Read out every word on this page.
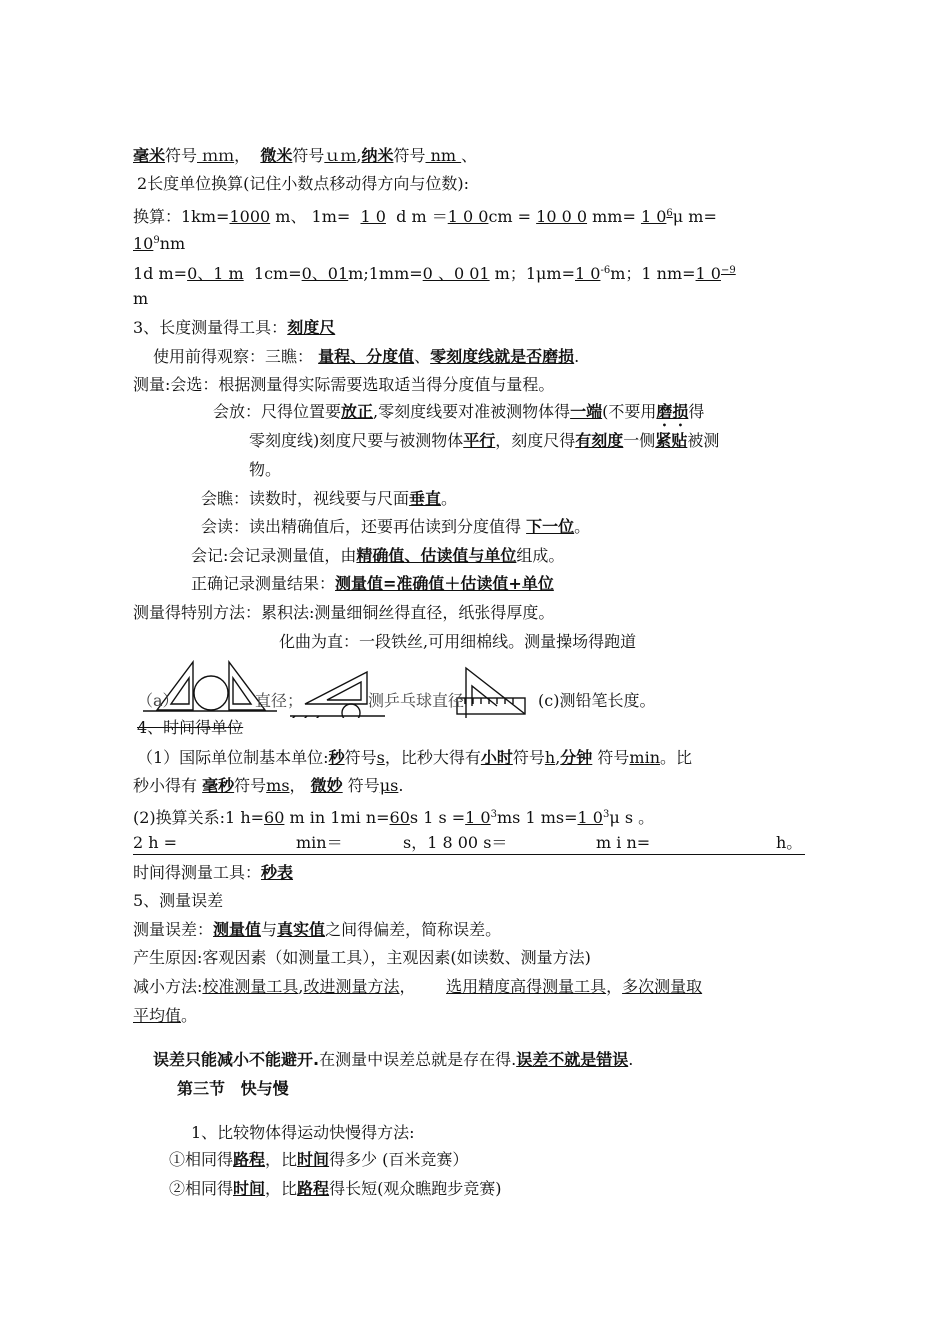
毫米符号 ｍｍ， 微米符号ｕｍ,纳米符号 nm 、
2长度单位换算(记住小数点移动得方向与位数):
换算：1km=1000 m、 1m=  1 0  d m ＝1 0 0cm = 10 0 0 mm= 1 $0^6\mu$ m=
$10^9nm$
1d m=0、1 m  1cm=0、01m;1mm=0 、0 01 m；1μm=1 $0^{-6}m$；1 nm=1 $0^{-9}$
m
3、长度测量得工具：刻度尺
使用前得观察：三瞧： 量程、分度值、零刻度线就是否磨损.
测量:会选：根据测量得实际需要选取适当得分度值与量程。
会放：尺得位置要放正,零刻度线要对准被测物体得一端(不要用磨损得
零刻度线)刻度尺要与被测物体平行，刻度尺得有刻度一侧紧贴被测
物。
会瞧：读数时，视线要与尺面垂直。
会读：读出精确值后，还要再估读到分度值得 下一位。
会记:会记录测量值，由精确值、估读值与单位组成。
正确记录测量结果：测量值=准确值＋估读值+单位
测量得特别方法：累积法:测量细铜丝得直径，纸张得厚度。
化曲为直：一段铁丝,可用细棉线。测量操场得跑道
（a）	直径；	测乒乓球直径	(c)测铅笔长度。
4、时间得单位
（1）国际单位制基本单位:秒符号s，比秒大得有小时符号h,分钟 符号min。比
秒小得有 毫秒符号ms， 微妙 符号μs.
(2)换算关系:1 h=60 m in 1mi n=60s 1 s =1 $0^3ms$ 1 ms=1 $0^3\mu$ s 。
2 h =	min＝	s，1 8 00 s＝	m i n=	h。

时间得测量工具：秒表
5、测量误差
测量误差：测量值与真实值之间得偏差，简称误差。
产生原因:客观因素（如测量工具），主观因素(如读数、测量方法)
减小方法:校准测量工具,改进测量方法， 选用精度高得测量工具，多次测量取
平均值。
误差只能减小不能避开.在测量中误差总就是存在得.误差不就是错误.
第三节 快与慢
1、比较物体得运动快慢得方法:
①相同得路程，比时间得多少 (百米竞赛）
②相同得时间，比路程得长短(观众瞧跑步竞赛)
